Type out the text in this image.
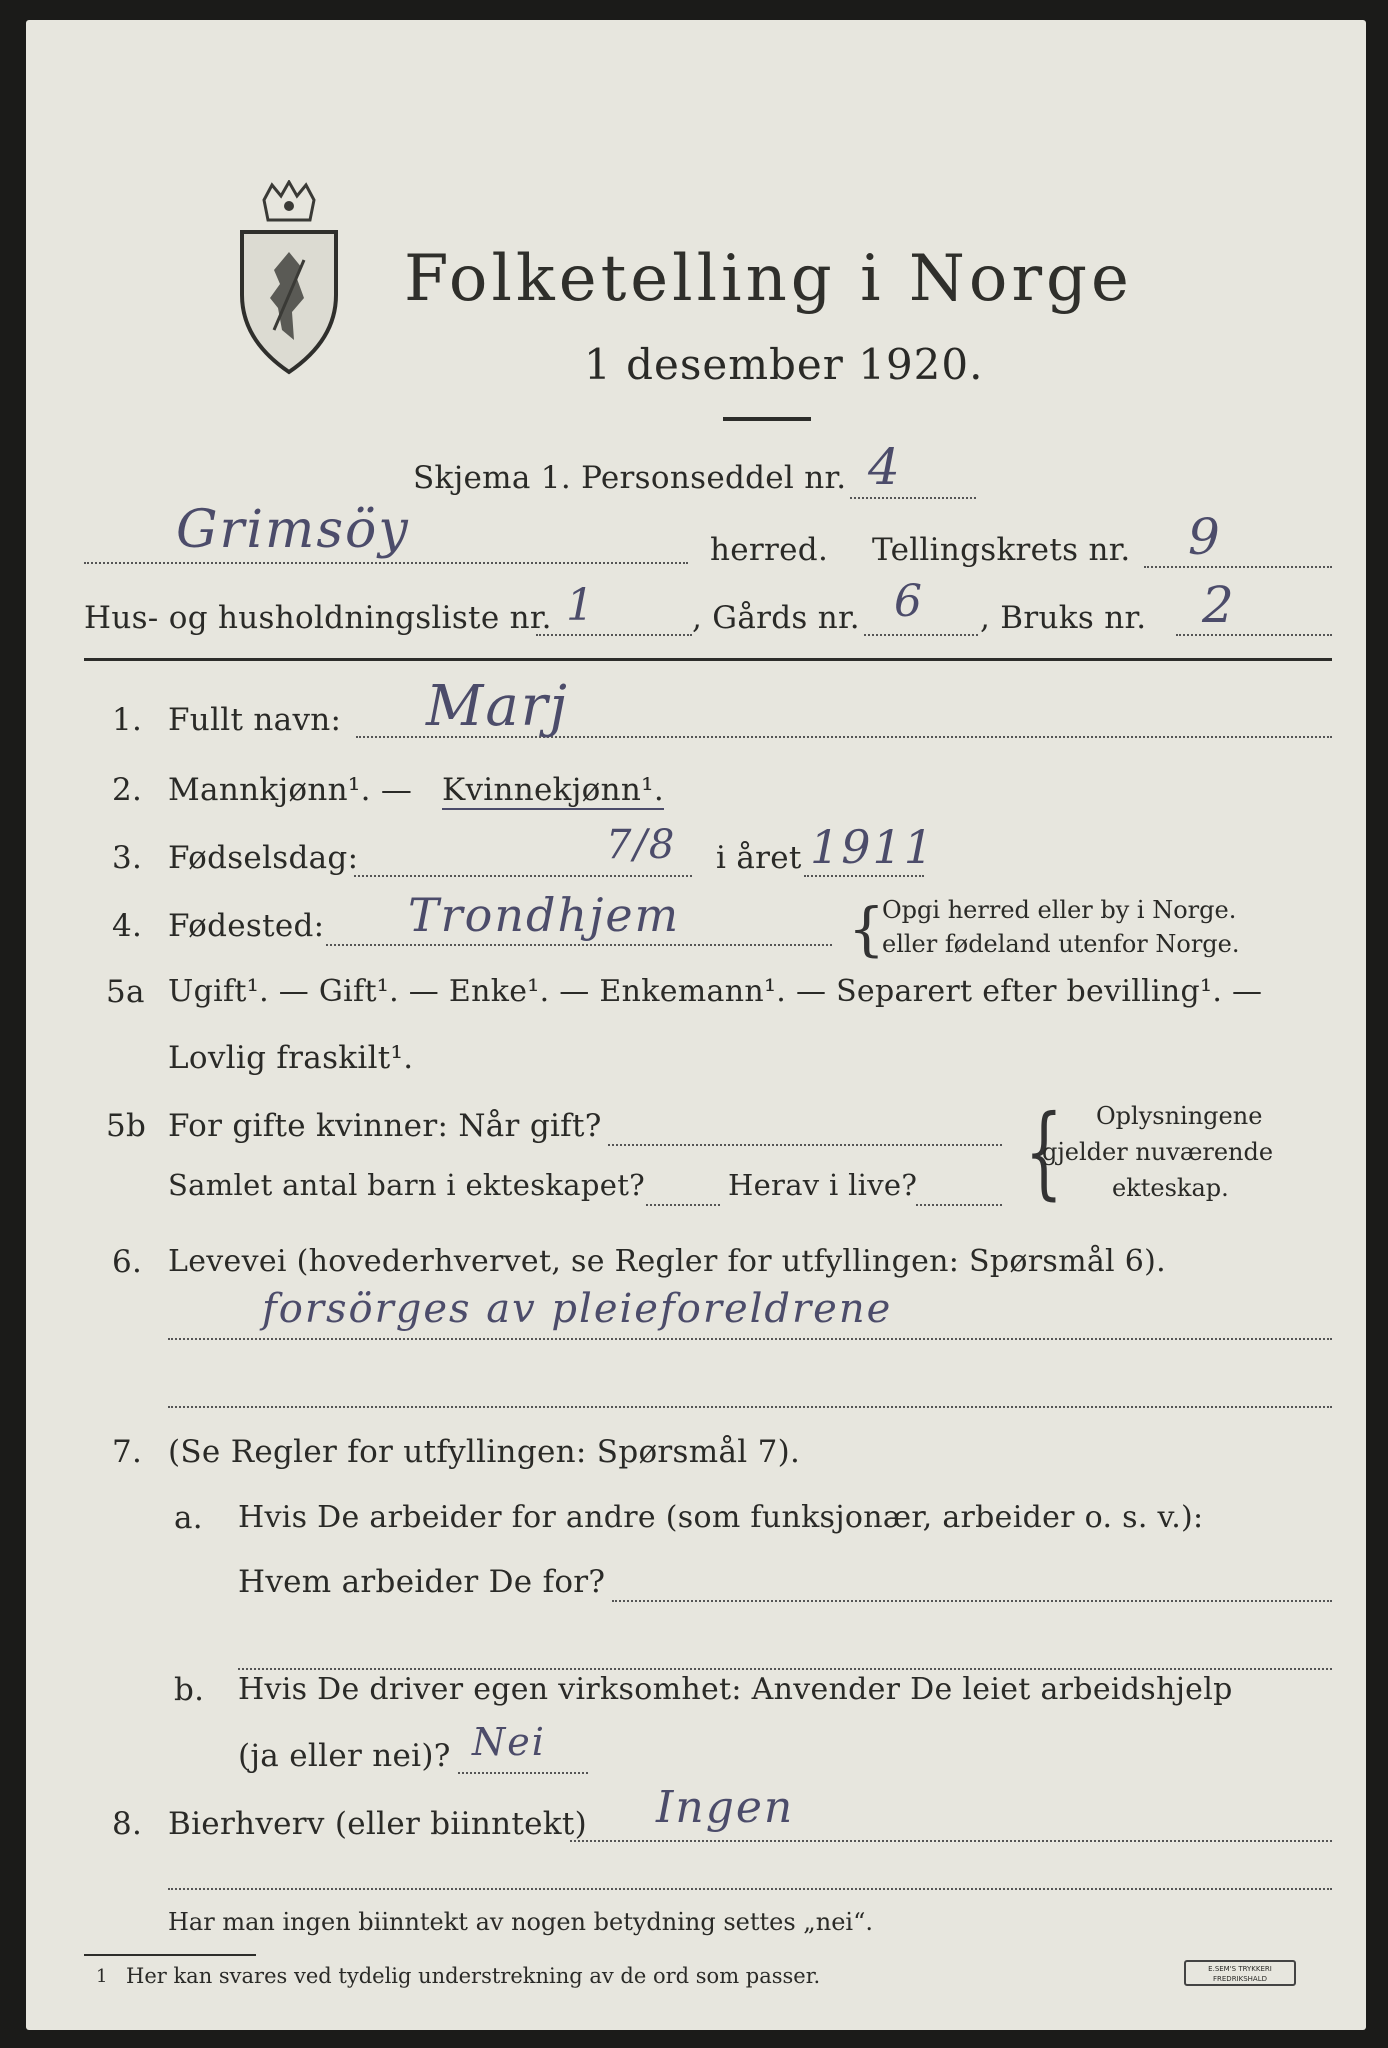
Folketelling i Norge
1 desember 1920.
Skjema 1. Personseddel nr. 4
Grimsöy	herred. Tellingskrets nr. 9
Hus- og husholdningsliste nr. 1	, Gårds nr. 6 , Bruks nr. 2
1. Fullt navn: Marj
2. Mannkjønn¹. — Kvinnekjønn¹.
3. Fødselsdag:	7/8 i året 1911
4. Fødested: Trondhjem	{
Opgi herred eller by i Norge.
eller fødeland utenfor Norge.
5a Ugift¹. — Gift¹. — Enke¹. — Enkemann¹. — Separert efter bevilling¹. —
Lovlig fraskilt¹.
5b For gifte kvinner: Når gift?
Samlet antal barn i ekteskapet?	Herav i live? { Oplysningene
gjelder nuværende
ekteskap.
6. Levevei (hovederhvervet, se Regler for utfyllingen: Spørsmål 6).
forsörges av pleieforeldrene
7. (Se Regler for utfyllingen: Spørsmål 7).
a. Hvis De arbeider for andre (som funksjonær, arbeider o. s. v.):
Hvem arbeider De for?
b. Hvis De driver egen virksomhet: Anvender De leiet arbeidshjelp
(ja eller nei)? Nei
8. Bierhverv (eller biinntekt) Ingen
Har man ingen biinntekt av nogen betydning settes „nei“.
1 Her kan svares ved tydelig understrekning av de ord som passer.	E.SEM'S TRYKKERI
FREDRIKSHALD
